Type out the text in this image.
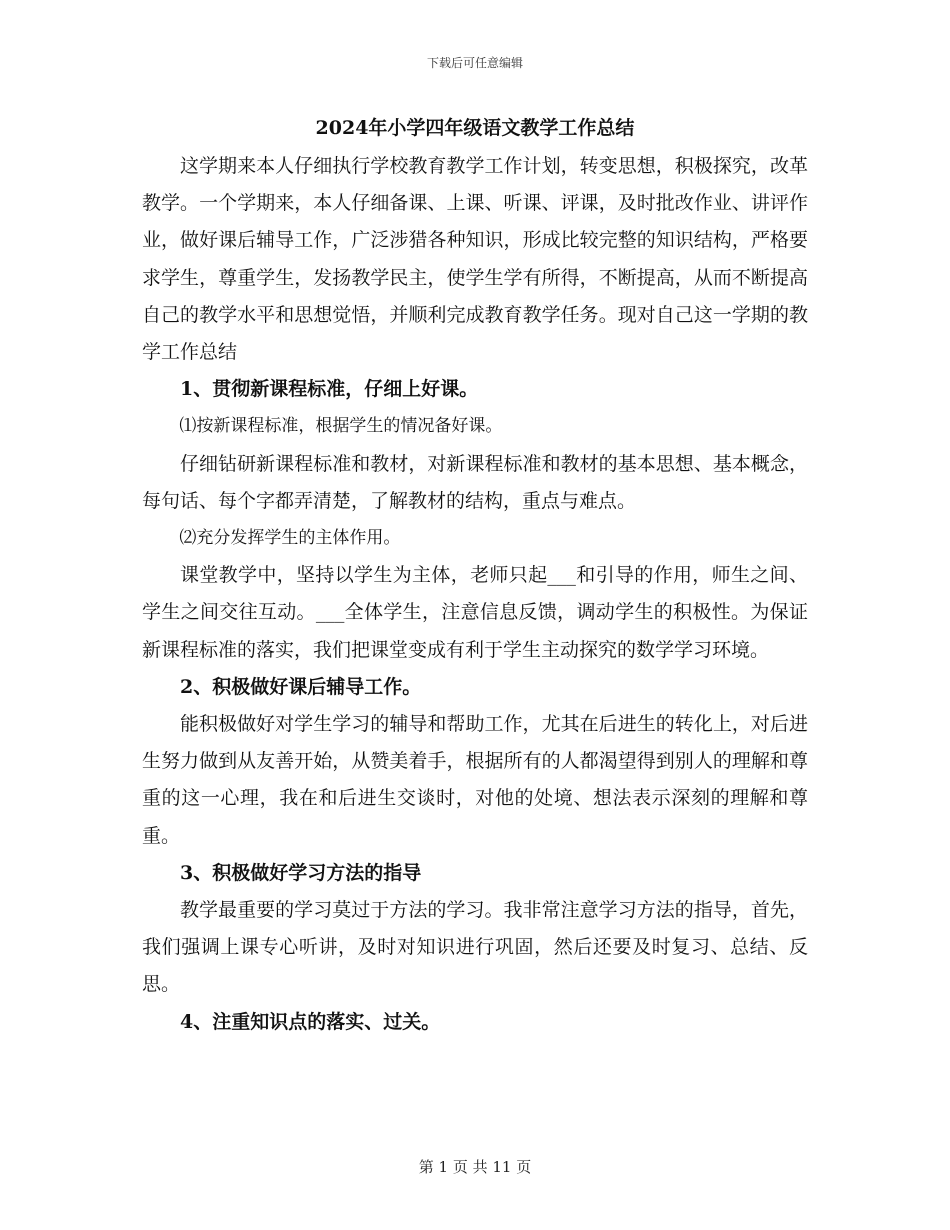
下载后可任意编辑
2024年小学四年级语文教学工作总结

这学期来本人仔细执行学校教育教学工作计划，转变思想，积极探究，改革教学。一个学期来，本人仔细备课、上课、听课、评课，及时批改作业、讲评作业，做好课后辅导工作，广泛涉猎各种知识，形成比较完整的知识结构，严格要求学生，尊重学生，发扬教学民主，使学生学有所得，不断提高，从而不断提高自己的教学水平和思想觉悟，并顺利完成教育教学任务。现对自己这一学期的教学工作总结

1、贯彻新课程标准，仔细上好课。

⑴按新课程标准，根据学生的情况备好课。

仔细钻研新课程标准和教材，对新课程标准和教材的基本思想、基本概念，每句话、每个字都弄清楚，了解教材的结构，重点与难点。

⑵充分发挥学生的主体作用。

课堂教学中，坚持以学生为主体，老师只起___和引导的作用，师生之间、学生之间交往互动。___全体学生，注意信息反馈，调动学生的积极性。为保证新课程标准的落实，我们把课堂变成有利于学生主动探究的数学学习环境。

2、积极做好课后辅导工作。

能积极做好对学生学习的辅导和帮助工作，尤其在后进生的转化上，对后进生努力做到从友善开始，从赞美着手，根据所有的人都渴望得到别人的理解和尊重的这一心理，我在和后进生交谈时，对他的处境、想法表示深刻的理解和尊重。

3、积极做好学习方法的指导

教学最重要的学习莫过于方法的学习。我非常注意学习方法的指导，首先，我们强调上课专心听讲，及时对知识进行巩固，然后还要及时复习、总结、反思。

4、注重知识点的落实、过关。

第 1 页 共 11 页
